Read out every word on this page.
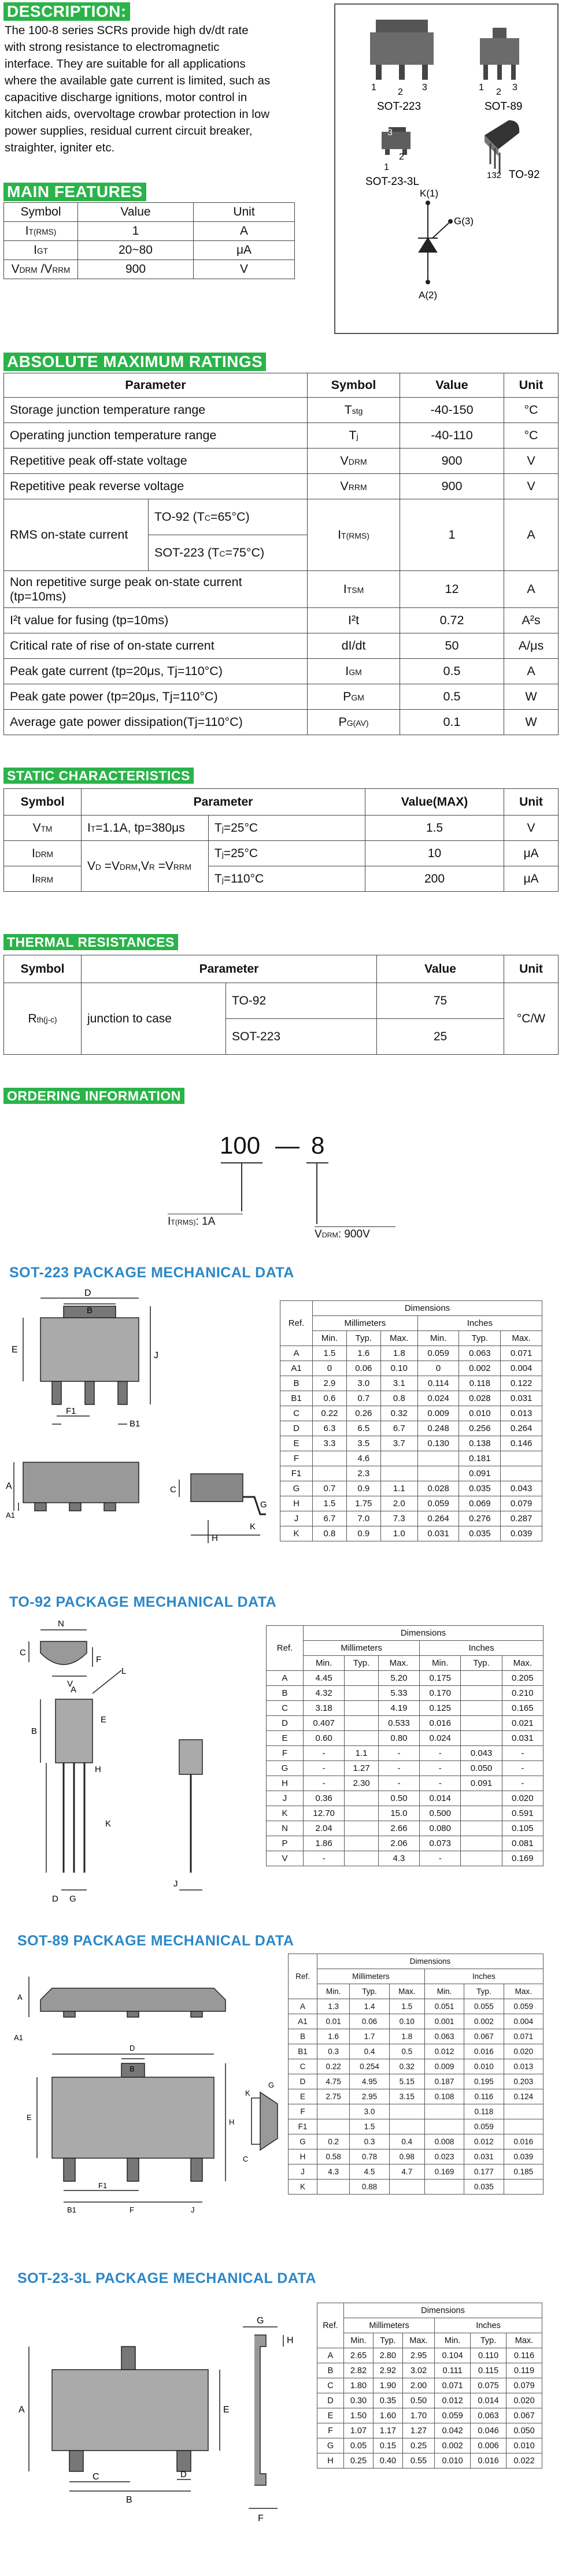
DESCRIPTION:
The 100-8 series SCRs provide high dv/dt rate
with strong resistance to electromagnetic
interface. They are suitable for all applications
where the available gate current is limited, such as
capacitive discharge ignitions, motor control in
kitchen aids, overvoltage crowbar protection in low
power supplies, residual current circuit breaker,
straighter, igniter etc.
1 2 3
SOT-223
1 2 3
SOT-89
1
2
3
SOT-23-3L
132 TO-92
K(1)
G(3)
A(2)
MAIN FEATURES
Symbol	Value	Unit
IT(RMS)	1	A
IGT	20~80	μA
VDRM /VRRM	900	V
ABSOLUTE MAXIMUM RATINGS
Parameter		Symbol	Value	Unit
Storage junction temperature range		Tstg	-40-150	°C
Operating junction temperature range		Tj	-40-110	°C
Repetitive peak off-state voltage		VDRM	900	V
Repetitive peak reverse voltage		VRRM	900	V
RMS on-state current	TO-92 (TC=65°C)	IT(RMS)	1	A
	SOT-223 (TC=75°C)			
Non repetitive surge peak on-state current (tp=10ms)		ITSM	12	A
I²t value for fusing (tp=10ms)		I²t	0.72	A²s
Critical rate of rise of on-state current		dI/dt	50	A/μs
Peak gate current (tp=20μs, Tj=110°C)		IGM	0.5	A
Peak gate power (tp=20μs, Tj=110°C)		PGM	0.5	W
Average gate power dissipation(Tj=110°C)		PG(AV)	0.1	W
STATIC CHARACTERISTICS
Symbol	Parameter		Value(MAX)	Unit
VTM	IT=1.1A, tp=380μs	Tj=25°C	1.5	V
IDRM	VD =VDRM,VR =VRRM	Tj=25°C	10	μA
IRRM		Tj=110°C	200	μA
THERMAL RESISTANCES
Symbol	Parameter		Value	Unit
Rth(j-c)	junction to case	TO-92	75	°C/W
		SOT-223	25	
ORDERING INFORMATION
100 — 8
IT(RMS): 1A
VDRM: 900V
SOT-223 PACKAGE MECHANICAL DATA
D
B
E
J
F1
B1
A
A1
C
H
K
G
Ref.	Dimensions					
	Millimeters			Inches		
	Min.	Typ.	Max.	Min.	Typ.	Max.
A	1.5	1.6	1.8	0.059	0.063	0.071
A1	0	0.06	0.10	0	0.002	0.004
B	2.9	3.0	3.1	0.114	0.118	0.122
B1	0.6	0.7	0.8	0.024	0.028	0.031
C	0.22	0.26	0.32	0.009	0.010	0.013
D	6.3	6.5	6.7	0.248	0.256	0.264
E	3.3	3.5	3.7	0.130	0.138	0.146
F		4.6			0.181	
F1		2.3			0.091	
G	0.7	0.9	1.1	0.028	0.035	0.043
H	1.5	1.75	2.0	0.059	0.069	0.079
J	6.7	7.0	7.3	0.264	0.276	0.287
K	0.8	0.9	1.0	0.031	0.035	0.039
TO-92 PACKAGE MECHANICAL DATA
N
C
V
F
A
E
B
H
K
G
D
L
J
Ref.	Dimensions					
	Millimeters			Inches		
	Min.	Typ.	Max.	Min.	Typ.	Max.
A	4.45		5.20	0.175		0.205
B	4.32		5.33	0.170		0.210
C	3.18		4.19	0.125		0.165
D	0.407		0.533	0.016		0.021
E	0.60		0.80	0.024		0.031
F	-	1.1	-	-	0.043	-
G	-	1.27	-	-	0.050	-
H	-	2.30	-	-	0.091	-
J	0.36		0.50	0.014		0.020
K	12.70		15.0	0.500		0.591
N	2.04		2.66	0.080		0.105
P	1.86		2.06	0.073		0.081
V	-		4.3	-		0.169
SOT-89 PACKAGE MECHANICAL DATA
A
A1
D
B
E
H
B1
F1
F	J
C
G
K
Ref.	Dimensions					
	Millimeters			Inches		
	Min.	Typ.	Max.	Min.	Typ.	Max.
A	1.3	1.4	1.5	0.051	0.055	0.059
A1	0.01	0.06	0.10	0.001	0.002	0.004
B	1.6	1.7	1.8	0.063	0.067	0.071
B1	0.3	0.4	0.5	0.012	0.016	0.020
C	0.22	0.254	0.32	0.009	0.010	0.013
D	4.75	4.95	5.15	0.187	0.195	0.203
E	2.75	2.95	3.15	0.108	0.116	0.124
F		3.0			0.118	
F1		1.5			0.059	
G	0.2	0.3	0.4	0.008	0.012	0.016
H	0.58	0.78	0.98	0.023	0.031	0.039
J	4.3	4.5	4.7	0.169	0.177	0.185
K		0.88			0.035	
SOT-23-3L PACKAGE MECHANICAL DATA
A
B
C	D
E
F
G
H
Ref.	Dimensions					
	Millimeters			Inches		
	Min.	Typ.	Max.	Min.	Typ.	Max.
A	2.65	2.80	2.95	0.104	0.110	0.116
B	2.82	2.92	3.02	0.111	0.115	0.119
C	1.80	1.90	2.00	0.071	0.075	0.079
D	0.30	0.35	0.50	0.012	0.014	0.020
E	1.50	1.60	1.70	0.059	0.063	0.067
F	1.07	1.17	1.27	0.042	0.046	0.050
G	0.05	0.15	0.25	0.002	0.006	0.010
H	0.25	0.40	0.55	0.010	0.016	0.022
